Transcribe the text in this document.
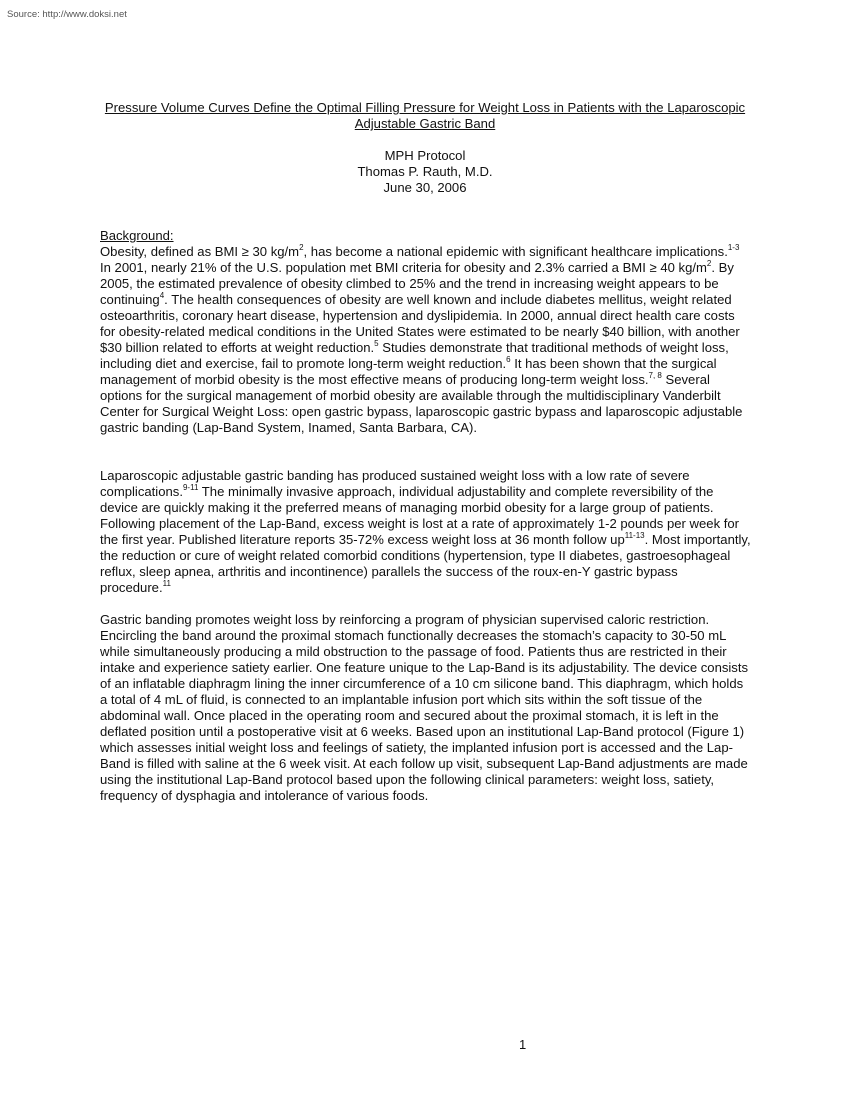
Source: http://www.doksi.net
Pressure Volume Curves Define the Optimal Filling Pressure for Weight Loss in Patients with the Laparoscopic Adjustable Gastric Band
MPH Protocol
Thomas P. Rauth, M.D.
June 30, 2006
Background:

Obesity, defined as BMI ≥ 30 $kg/m^2$, has become a national epidemic with significant healthcare implications.$^{1-3}$ In 2001, nearly 21% of the U.S. population met BMI criteria for obesity and 2.3% carried a BMI ≥ 40 $kg/m^2$. By 2005, the estimated prevalence of obesity climbed to 25% and the trend in increasing weight appears to be continuing$^4$. The health consequences of obesity are well known and include diabetes mellitus, weight related osteoarthritis, coronary heart disease, hypertension and dyslipidemia. In 2000, annual direct health care costs for obesity-related medical conditions in the United States were estimated to be nearly $40 billion, with another $30 billion related to efforts at weight reduction.$^5$ Studies demonstrate that traditional methods of weight loss, including diet and exercise, fail to promote long-term weight reduction.$^6$ It has been shown that the surgical management of morbid obesity is the most effective means of producing long-term weight loss.$^{7, 8}$ Several options for the surgical management of morbid obesity are available through the multidisciplinary Vanderbilt Center for Surgical Weight Loss: open gastric bypass, laparoscopic gastric bypass and laparoscopic adjustable gastric banding (Lap-Band System, Inamed, Santa Barbara, CA).

Laparoscopic adjustable gastric banding has produced sustained weight loss with a low rate of severe complications.$^{9-11}$ The minimally invasive approach, individual adjustability and complete reversibility of the device are quickly making it the preferred means of managing morbid obesity for a large group of patients. Following placement of the Lap-Band, excess weight is lost at a rate of approximately 1-2 pounds per week for the first year. Published literature reports 35-72% excess weight loss at 36 month follow $up^{11-13}$. Most importantly, the reduction or cure of weight related comorbid conditions (hypertension, type II diabetes, gastroesophageal reflux, sleep apnea, arthritis and incontinence) parallels the success of the roux-en-Y gastric bypass procedure.$^{11}$

Gastric banding promotes weight loss by reinforcing a program of physician supervised caloric restriction. Encircling the band around the proximal stomach functionally decreases the stomach’s capacity to 30-50 mL while simultaneously producing a mild obstruction to the passage of food. Patients thus are restricted in their intake and experience satiety earlier. One feature unique to the Lap-Band is its adjustability. The device consists of an inflatable diaphragm lining the inner circumference of a 10 cm silicone band. This diaphragm, which holds a total of 4 mL of fluid, is connected to an implantable infusion port which sits within the soft tissue of the abdominal wall. Once placed in the operating room and secured about the proximal stomach, it is left in the deflated position until a postoperative visit at 6 weeks. Based upon an institutional Lap-Band protocol (Figure 1) which assesses initial weight loss and feelings of satiety, the implanted infusion port is accessed and the Lap-Band is filled with saline at the 6 week visit. At each follow up visit, subsequent Lap-Band adjustments are made using the institutional Lap-Band protocol based upon the following clinical parameters: weight loss, satiety, frequency of dysphagia and intolerance of various foods.

1
